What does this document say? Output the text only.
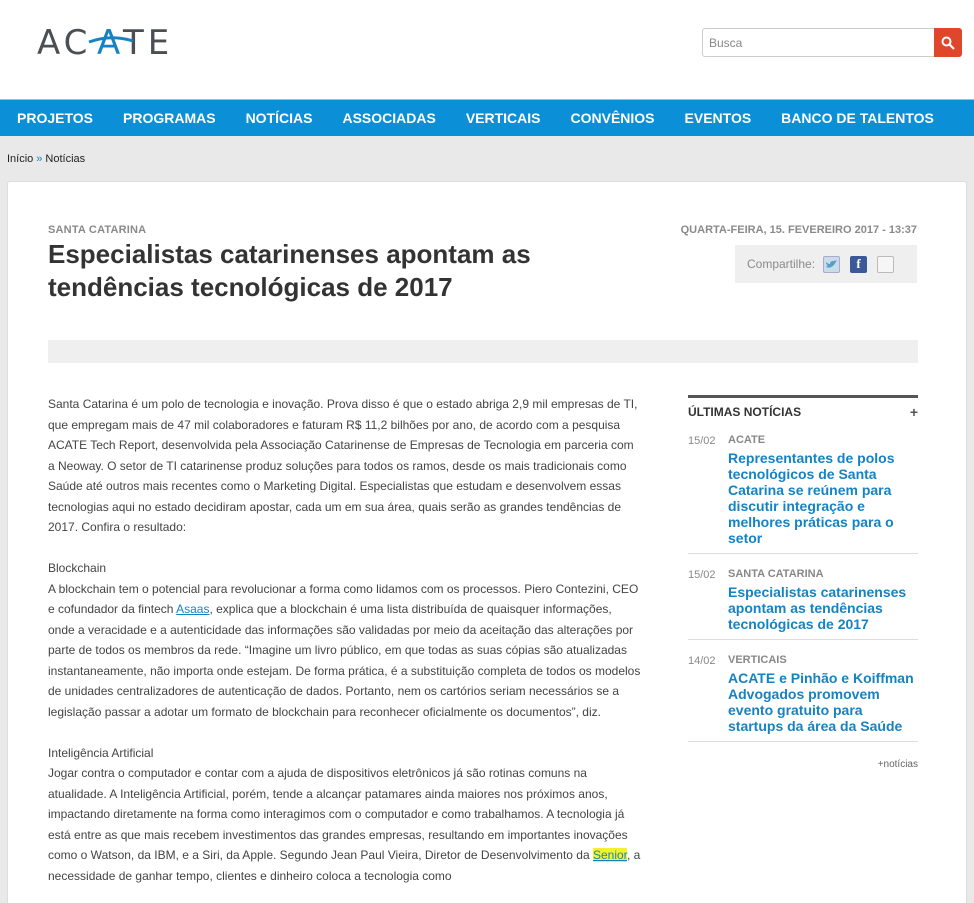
AC A TE
Busca
PROJETOS PROGRAMAS NOTÍCIAS ASSOCIADAS VERTICAIS CONVÊNIOS EVENTOS BANCO DE TALENTOS
Início » Notícias
SANTA CATARINA
Especialistas catarinenses apontam as tendências tecnológicas de 2017
QUARTA-FEIRA, 15. FEVEREIRO 2017 - 13:37
Compartilhe:	f

Santa Catarina é um polo de tecnologia e inovação. Prova disso é que o estado abriga 2,9 mil empresas de TI, que empregam mais de 47 mil colaboradores e faturam R$ 11,2 bilhões por ano, de acordo com a pesquisa ACATE Tech Report, desenvolvida pela Associação Catarinense de Empresas de Tecnologia em parceria com a Neoway. O setor de TI catarinense produz soluções para todos os ramos, desde os mais tradicionais como Saúde até outros mais recentes como o Marketing Digital. Especialistas que estudam e desenvolvem essas tecnologias aqui no estado decidiram apostar, cada um em sua área, quais serão as grandes tendências de 2017. Confira o resultado:

Blockchain

A blockchain tem o potencial para revolucionar a forma como lidamos com os processos. Piero Contezini, CEO e cofundador da fintech Asaas, explica que a blockchain é uma lista distribuída de quaisquer informações, onde a veracidade e a autenticidade das informações são validadas por meio da aceitação das alterações por parte de todos os membros da rede. “Imagine um livro público, em que todas as suas cópias são atualizadas instantaneamente, não importa onde estejam. De forma prática, é a substituição completa de todos os modelos de unidades centralizadores de autenticação de dados. Portanto, nem os cartórios seriam necessários se a legislação passar a adotar um formato de blockchain para reconhecer oficialmente os documentos”, diz.

Inteligência Artificial

Jogar contra o computador e contar com a ajuda de dispositivos eletrônicos já são rotinas comuns na atualidade. A Inteligência Artificial, porém, tende a alcançar patamares ainda maiores nos próximos anos, impactando diretamente na forma como interagimos com o computador e como trabalhamos. A tecnologia já está entre as que mais recebem investimentos das grandes empresas, resultando em importantes inovações como o Watson, da IBM, e a Siri, da Apple. Segundo Jean Paul Vieira, Diretor de Desenvolvimento da Senior, a necessidade de ganhar tempo, clientes e dinheiro coloca a tecnologia como

ÚLTIMAS NOTÍCIAS	+
15/02	ACATE
Representantes de polos tecnológicos de Santa Catarina se reúnem para discutir integração e melhores práticas para o setor
15/02	SANTA CATARINA
Especialistas catarinenses apontam as tendências tecnológicas de 2017
14/02	VERTICAIS
ACATE e Pinhão e Koiffman Advogados promovem evento gratuito para startups da área da Saúde
+notícias
